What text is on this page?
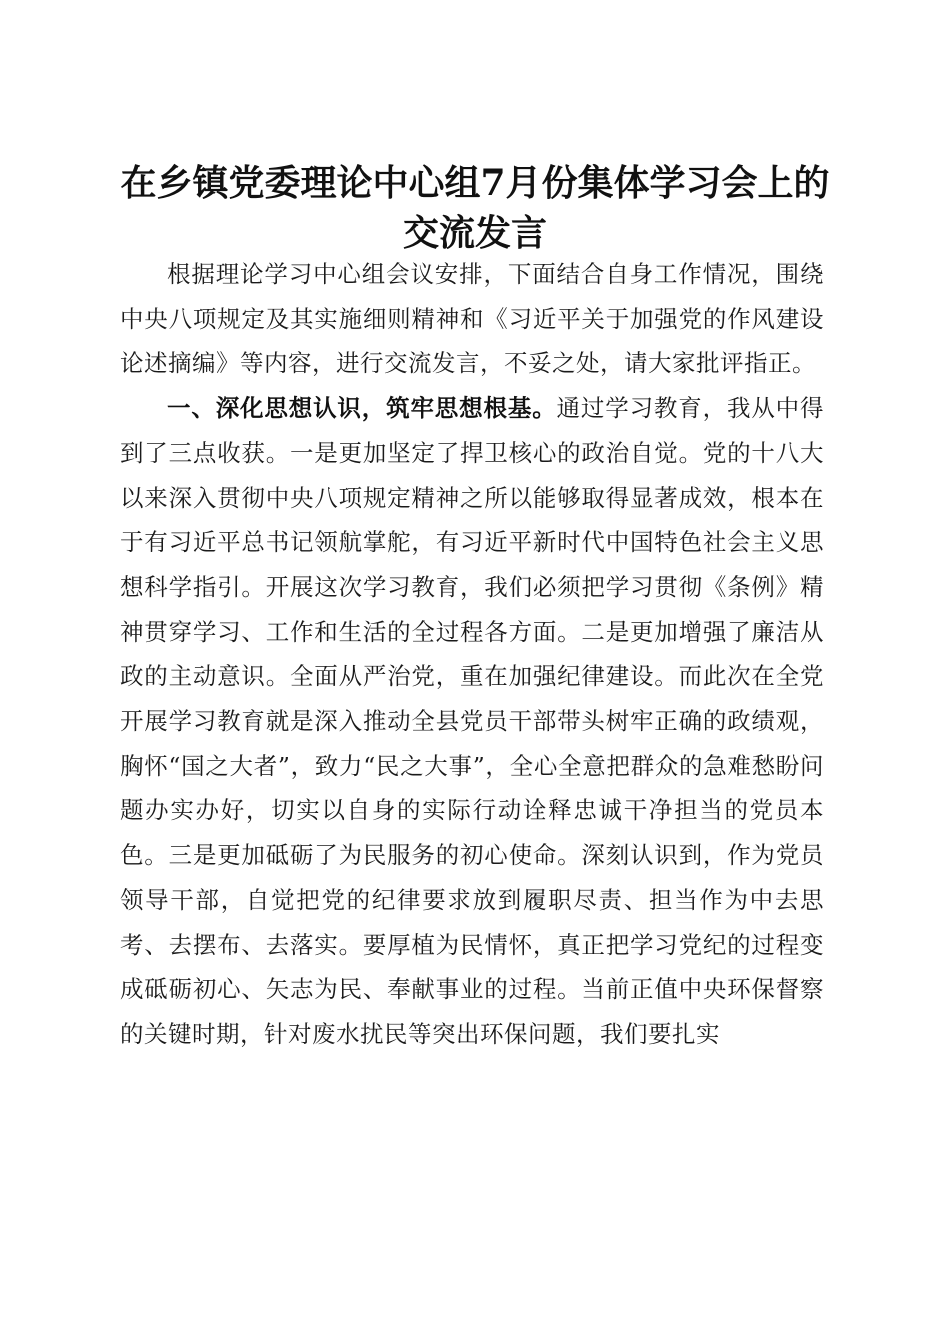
在乡镇党委理论中心组7月份集体学习会上的
交流发言

根据理论学习中心组会议安排，下面结合自身工作情况，围绕中央八项规定及其实施细则精神和《习近平关于加强党的作风建设论述摘编》等内容，进行交流发言，不妥之处，请大家批评指正。

一、深化思想认识，筑牢思想根基。通过学习教育，我从中得到了三点收获。一是更加坚定了捍卫核心的政治自觉。党的十八大以来深入贯彻中央八项规定精神之所以能够取得显著成效，根本在于有习近平总书记领航掌舵，有习近平新时代中国特色社会主义思想科学指引。开展这次学习教育，我们必须把学习贯彻《条例》精神贯穿学习、工作和生活的全过程各方面。二是更加增强了廉洁从政的主动意识。全面从严治党，重在加强纪律建设。而此次在全党开展学习教育就是深入推动全县党员干部带头树牢正确的政绩观，胸怀“国之大者”，致力“民之大事”，全心全意把群众的急难愁盼问题办实办好，切实以自身的实际行动诠释忠诚干净担当的党员本色。三是更加砥砺了为民服务的初心使命。深刻认识到，作为党员领导干部，自觉把党的纪律要求放到履职尽责、担当作为中去思考、去摆布、去落实。要厚植为民情怀，真正把学习党纪的过程变成砥砺初心、矢志为民、奉献事业的过程。当前正值中央环保督察的关键时期，针对废水扰民等突出环保问题，我们要扎实
